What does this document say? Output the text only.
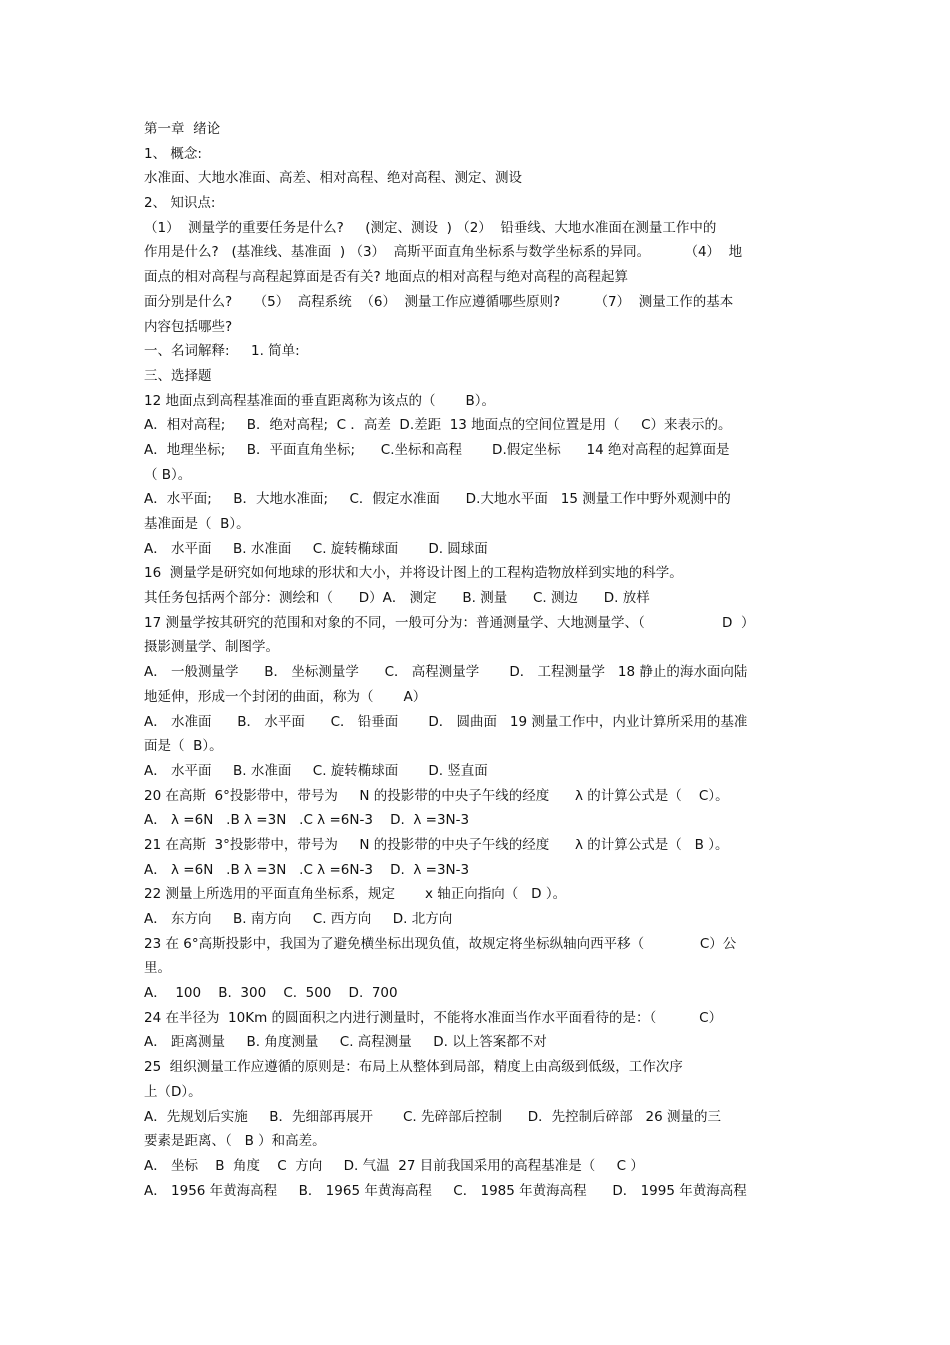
第一章  绪论
1、 概念:
水准面、大地水准面、高差、相对高程、绝对高程、测定、测设
2、 知识点:
（1）  测量学的重要任务是什么?     (测定、测设  ) （2）  铅垂线、大地水准面在测量工作中的
作用是什么?   (基准线、基准面  ) （3）  高斯平面直角坐标系与数学坐标系的异同。        （4）  地
面点的相对高程与高程起算面是否有关? 地面点的相对高程与绝对高程的高程起算
面分别是什么?     （5）  高程系统  （6）  测量工作应遵循哪些原则?        （7）  测量工作的基本
内容包括哪些?
一、名词解释:     1. 简单:
三、选择题
12 地面点到高程基准面的垂直距离称为该点的（       B）。
A．相对高程;     B．绝对高程;  C ．高差  D.差距  13 地面点的空间位置是用（     C）来表示的。
A．地理坐标;     B．平面直角坐标;      C.坐标和高程       D.假定坐标      14 绝对高程的起算面是
（ B）。
A．水平面;     B．大地水准面;     C．假定水准面      D.大地水平面   15 测量工作中野外观测中的
基准面是（  B）。
A． 水平面     B. 水准面     C. 旋转椭球面       D. 圆球面
16  测量学是研究如何地球的形状和大小，并将设计图上的工程构造物放样到实地的科学。
其任务包括两个部分：测绘和（      D）A． 测定      B. 测量      C. 测边      D. 放样
17 测量学按其研究的范围和对象的不同，一般可分为：普通测量学、大地测量学、（                  D  ）
摄影测量学、制图学。
A． 一般测量学      B． 坐标测量学      C． 高程测量学       D． 工程测量学   18 静止的海水面向陆
地延伸，形成一个封闭的曲面，称为（       A）
A． 水准面      B． 水平面      C． 铅垂面       D． 圆曲面   19 测量工作中，内业计算所采用的基准
面是（  B）。
A． 水平面     B. 水准面     C. 旋转椭球面       D. 竖直面
20 在高斯  6°投影带中，带号为     N 的投影带的中央子午线的经度      λ 的计算公式是（    C）。
A． λ =6N   .B λ =3N   .C λ =6N-3    D.  λ =3N-3
21 在高斯  3°投影带中，带号为     N 的投影带的中央子午线的经度      λ 的计算公式是（   B ）。
A． λ =6N   .B λ =3N   .C λ =6N-3    D.  λ =3N-3
22 测量上所选用的平面直角坐标系，规定       x 轴正向指向（   D ）。
A． 东方向     B. 南方向     C. 西方向     D. 北方向
23 在 6°高斯投影中，我国为了避免横坐标出现负值，故规定将坐标纵轴向西平移（             C）公
里。
A．  100    B.  300    C.  500    D.  700
24 在半径为  10Km 的圆面积之内进行测量时，不能将水准面当作水平面看待的是：（          C）
A． 距离测量     B. 角度测量     C. 高程测量     D. 以上答案都不对
25  组织测量工作应遵循的原则是：布局上从整体到局部，精度上由高级到低级，工作次序
上（D）。
A．先规划后实施     B．先细部再展开       C. 先碎部后控制      D．先控制后碎部   26 测量的三
要素是距离、（   B ）和高差。
A． 坐标    B  角度    C  方向     D. 气温  27 目前我国采用的高程基准是（     C ）
A． 1956 年黄海高程     B． 1965 年黄海高程     C． 1985 年黄海高程      D． 1995 年黄海高程
